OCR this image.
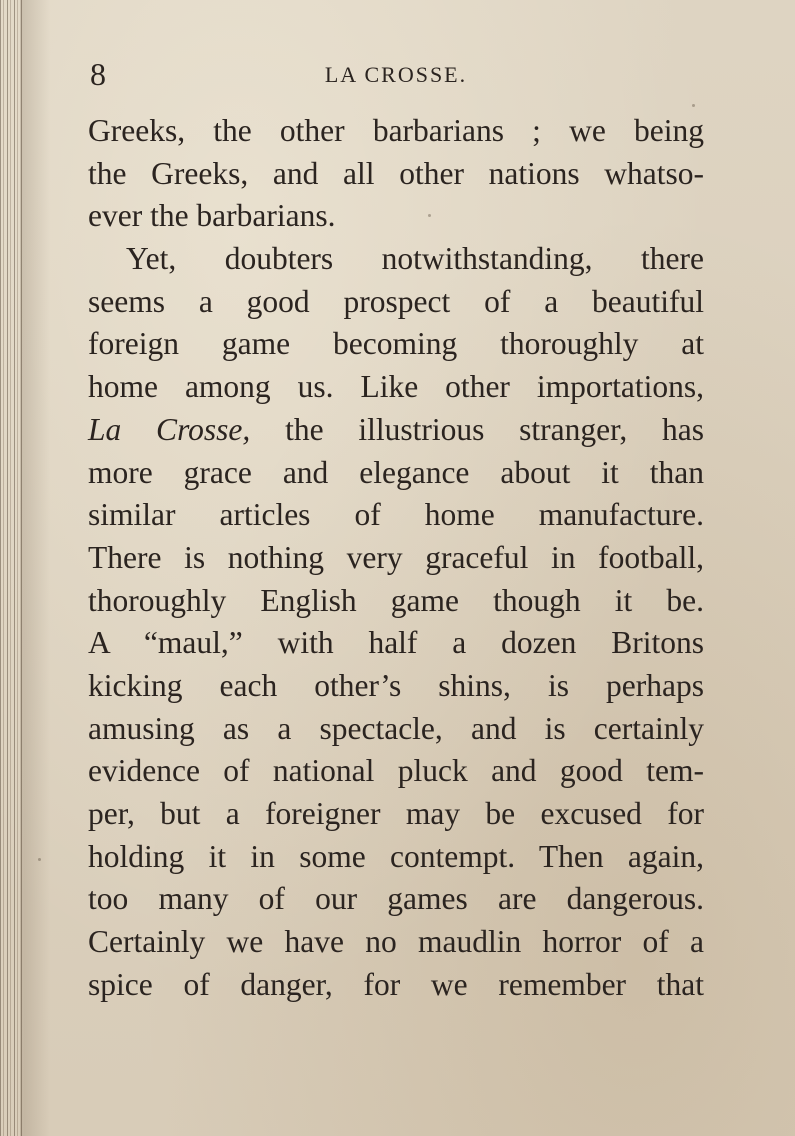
8	LA CROSSE.
Greeks, the other barbarians ; we being
the Greeks, and all other nations whatso-
ever the barbarians.
Yet, doubters notwithstanding, there
seems a good prospect of a beautiful
foreign game becoming thoroughly at
home among us. Like other importations,
La Crosse, the illustrious stranger, has
more grace and elegance about it than
similar articles of home manufacture.
There is nothing very graceful in football,
thoroughly English game though it be.
A “maul,” with half a dozen Britons
kicking each other’s shins, is perhaps
amusing as a spectacle, and is certainly
evidence of national pluck and good tem-
per, but a foreigner may be excused for
holding it in some contempt. Then again,
too many of our games are dangerous.
Certainly we have no maudlin horror of a
spice of danger, for we remember that
